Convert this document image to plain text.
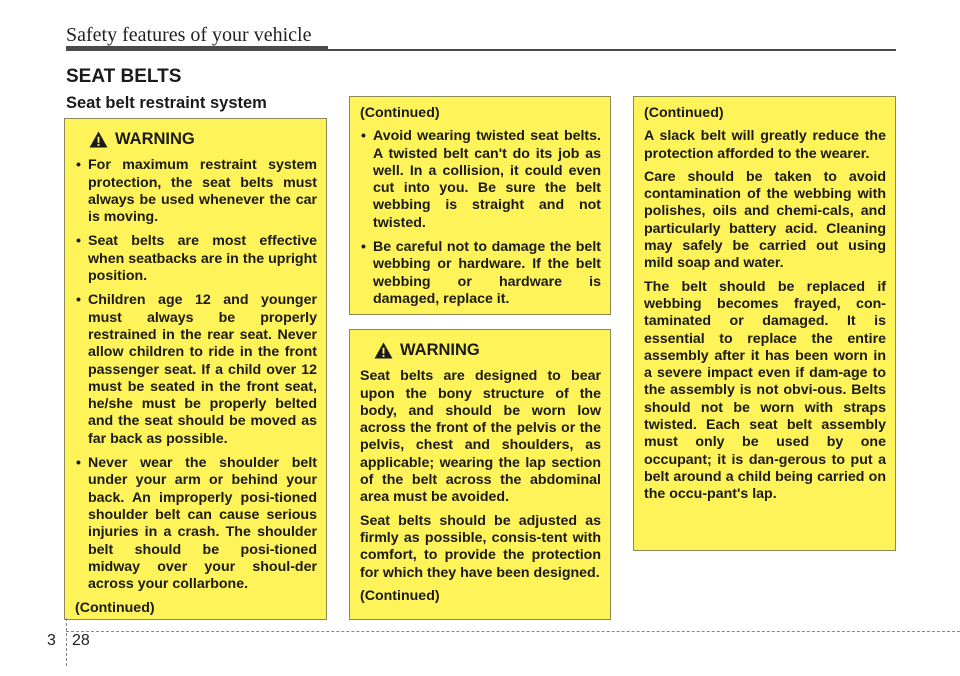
Safety features of your vehicle
SEAT BELTS
Seat belt restraint system
WARNING
• For maximum restraint system protection, the seat belts must always be used whenever the car is moving.
• Seat belts are most effective when seatbacks are in the upright position.
• Children age 12 and younger must always be properly restrained in the rear seat. Never allow children to ride in the front passenger seat. If a child over 12 must be seated in the front seat, he/she must be properly belted and the seat should be moved as far back as possible.
• Never wear the shoulder belt under your arm or behind your back. An improperly posi-tioned shoulder belt can cause serious injuries in a crash. The shoulder belt should be posi-tioned midway over your shoul-der across your collarbone.

(Continued)

(Continued)

• Avoid wearing twisted seat belts. A twisted belt can't do its job as well. In a collision, it could even cut into you. Be sure the belt webbing is straight and not twisted.
• Be careful not to damage the belt webbing or hardware. If the belt webbing or hardware is damaged, replace it.
WARNING

Seat belts are designed to bear upon the bony structure of the body, and should be worn low across the front of the pelvis or the pelvis, chest and shoulders, as applicable; wearing the lap section of the belt across the abdominal area must be avoided.

Seat belts should be adjusted as firmly as possible, consis-tent with comfort, to provide the protection for which they have been designed.

(Continued)

(Continued)

A slack belt will greatly reduce the protection afforded to the wearer.

Care should be taken to avoid contamination of the webbing with polishes, oils and chemi-cals, and particularly battery acid. Cleaning may safely be carried out using mild soap and water.

The belt should be replaced if webbing becomes frayed, con-taminated or damaged. It is essential to replace the entire assembly after it has been worn in a severe impact even if dam-age to the assembly is not obvi-ous. Belts should not be worn with straps twisted. Each seat belt assembly must only be used by one occupant; it is dan-gerous to put a belt around a child being carried on the occu-pant's lap.

3 28
